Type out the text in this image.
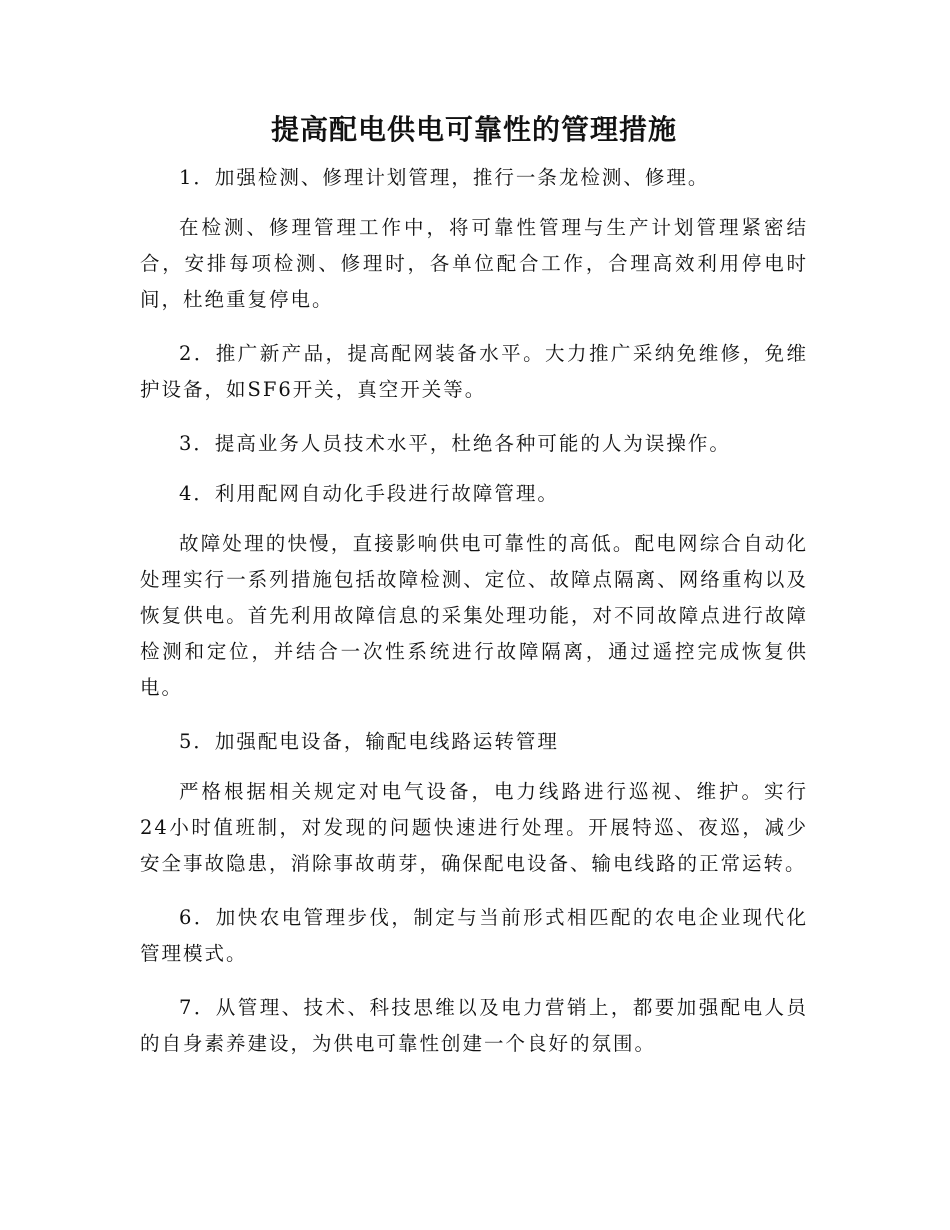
提高配电供电可靠性的管理措施

1．加强检测、修理计划管理，推行一条龙检测、修理。

在检测、修理管理工作中，将可靠性管理与生产计划管理紧密结合，安排每项检测、修理时，各单位配合工作，合理高效利用停电时间，杜绝重复停电。

2．推广新产品，提高配网装备水平。大力推广采纳免维修，免维护设备，如SF6开关，真空开关等。

3．提高业务人员技术水平，杜绝各种可能的人为误操作。

4．利用配网自动化手段进行故障管理。

故障处理的快慢，直接影响供电可靠性的高低。配电网综合自动化处理实行一系列措施包括故障检测、定位、故障点隔离、网络重构以及恢复供电。首先利用故障信息的采集处理功能，对不同故障点进行故障检测和定位，并结合一次性系统进行故障隔离，通过遥控完成恢复供电。

5．加强配电设备，输配电线路运转管理

严格根据相关规定对电气设备，电力线路进行巡视、维护。实行24小时值班制，对发现的问题快速进行处理。开展特巡、夜巡，减少安全事故隐患，消除事故萌芽，确保配电设备、输电线路的正常运转。

6．加快农电管理步伐，制定与当前形式相匹配的农电企业现代化管理模式。

7．从管理、技术、科技思维以及电力营销上，都要加强配电人员的自身素养建设，为供电可靠性创建一个良好的氛围。
